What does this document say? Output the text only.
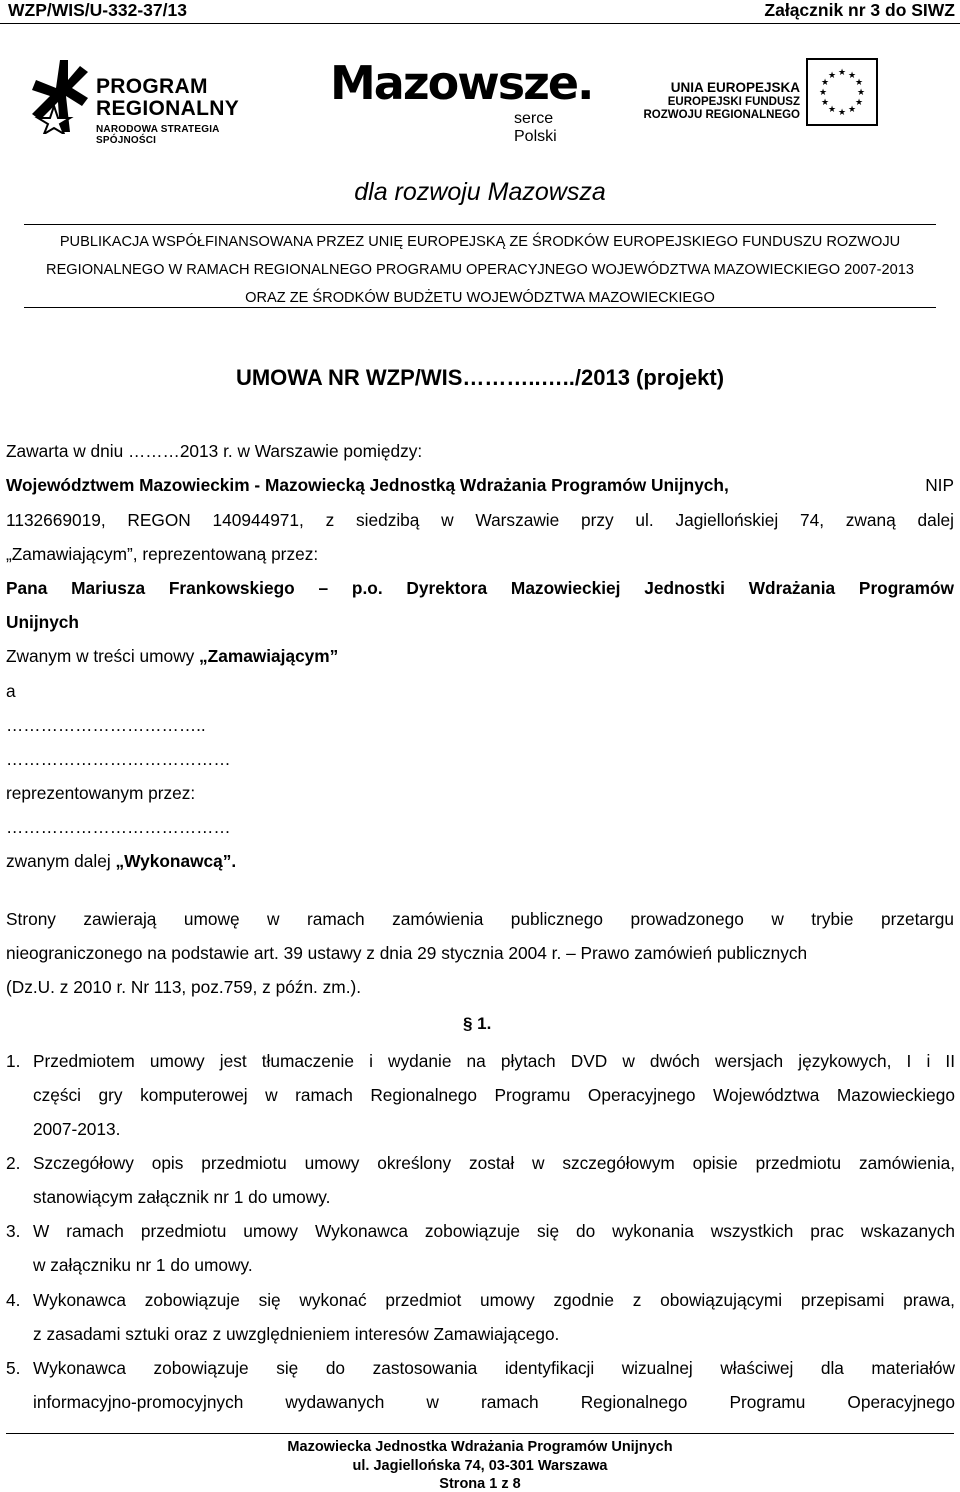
WZP/WIS/U-332-37/13	Załącznik nr 3 do SIWZ
PROGRAM
REGIONALNY
NARODOWA STRATEGIA SPÓJNOŚCI
Mazowsze.
serce Polski
UNIA EUROPEJSKA
EUROPEJSKI FUNDUSZ
ROZWOJU REGIONALNEGO
★ ★
★
★
★
★
★
★
★
★
★
★
dla rozwoju Mazowsza
PUBLIKACJA WSPÓŁFINANSOWANA PRZEZ UNIĘ EUROPEJSKĄ ZE ŚRODKÓW EUROPEJSKIEGO FUNDUSZU ROZWOJU
REGIONALNEGO W RAMACH REGIONALNEGO PROGRAMU OPERACYJNEGO WOJEWÓDZTWA MAZOWIECKIEGO 2007-2013
ORAZ ZE ŚRODKÓW BUDŻETU WOJEWÓDZTWA MAZOWIECKIEGO
UMOWA NR WZP/WIS………..…../2013 (projekt)
Zawarta w dniu ………2013 r. w Warszawie pomiędzy:
Województwem Mazowieckim - Mazowiecką Jednostką Wdrażania Programów Unijnych,	NIP
1132669019, REGON 140944971, z siedzibą w Warszawie przy ul. Jagiellońskiej 74, zwaną dalej
„Zamawiającym”, reprezentowaną przez:
Pana Mariusza Frankowskiego – p.o. Dyrektora Mazowieckiej Jednostki Wdrażania Programów
Unijnych
Zwanym w treści umowy „Zamawiającym”
a
……………………………..
…………………………………
reprezentowanym przez:
…………………………………
zwanym dalej „Wykonawcą”.
Strony zawierają umowę w ramach zamówienia publicznego prowadzonego w trybie przetargu
nieograniczonego na podstawie art. 39 ustawy z dnia 29 stycznia 2004 r. – Prawo zamówień publicznych
(Dz.U. z 2010 r. Nr 113, poz.759, z późn. zm.).
§ 1.
1. Przedmiotem umowy jest tłumaczenie i wydanie na płytach DVD w dwóch wersjach językowych, I i II
części gry komputerowej w ramach Regionalnego Programu Operacyjnego Województwa Mazowieckiego
2007-2013.
2. Szczegółowy opis przedmiotu umowy określony został w szczegółowym opisie przedmiotu zamówienia,
stanowiącym załącznik nr 1 do umowy.
3. W ramach przedmiotu umowy Wykonawca zobowiązuje się do wykonania wszystkich prac wskazanych
w załączniku nr 1 do umowy.
4. Wykonawca zobowiązuje się wykonać przedmiot umowy zgodnie z obowiązującymi przepisami prawa,
z zasadami sztuki oraz z uwzględnieniem interesów Zamawiającego.
5. Wykonawca zobowiązuje się do zastosowania identyfikacji wizualnej właściwej dla materiałów
informacyjno-promocyjnych wydawanych w ramach Regionalnego Programu Operacyjnego
Mazowiecka Jednostka Wdrażania Programów Unijnych
ul. Jagiellońska 74, 03-301 Warszawa
Strona 1 z 8
